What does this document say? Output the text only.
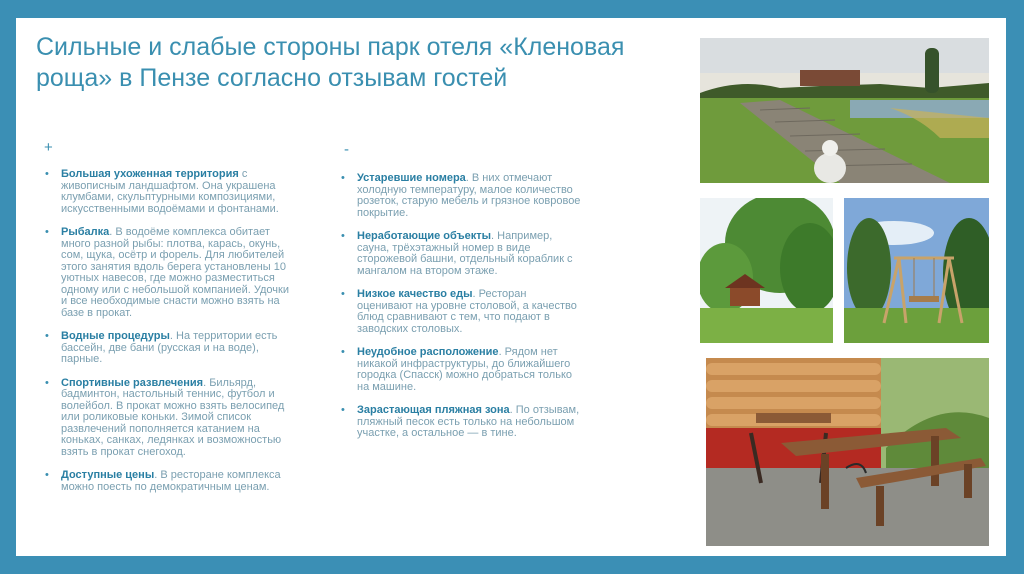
Сильные и слабые стороны парк отеля «Кленовая роща» в Пензе согласно отзывам гостей
+	-
• Большая ухоженная территория с живописным ландшафтом. Она украшена клумбами, скульптурными композициями, искусственными водоёмами и фонтанами.
• Рыбалка. В водоёме комплекса обитает много разной рыбы: плотва, карась, окунь, сом, щука, осётр и форель. Для любителей этого занятия вдоль берега установлены 10 уютных навесов, где можно разместиться одному или с небольшой компанией. Удочки и все необходимые снасти можно взять на базе в прокат.
• Водные процедуры. На территории есть бассейн, две бани (русская и на воде), парные.
• Спортивные развлечения. Бильярд, бадминтон, настольный теннис, футбол и волейбол. В прокат можно взять велосипед или роликовые коньки. Зимой список развлечений пополняется катанием на коньках, санках, ледянках и возможностью взять в прокат снегоход.
• Доступные цены. В ресторане комплекса можно поесть по демократичным ценам.
• Устаревшие номера. В них отмечают холодную температуру, малое количество розеток, старую мебель и грязное ковровое покрытие.
• Неработающие объекты. Например, сауна, трёхэтажный номер в виде сторожевой башни, отдельный кораблик с мангалом на втором этаже.
• Низкое качество еды. Ресторан оценивают на уровне столовой, а качество блюд сравнивают с тем, что подают в заводских столовых.
• Неудобное расположение. Рядом нет никакой инфраструктуры, до ближайшего городка (Спасск) можно добраться только на машине.
• Зарастающая пляжная зона. По отзывам, пляжный песок есть только на небольшом участке, а остальное — в тине.
